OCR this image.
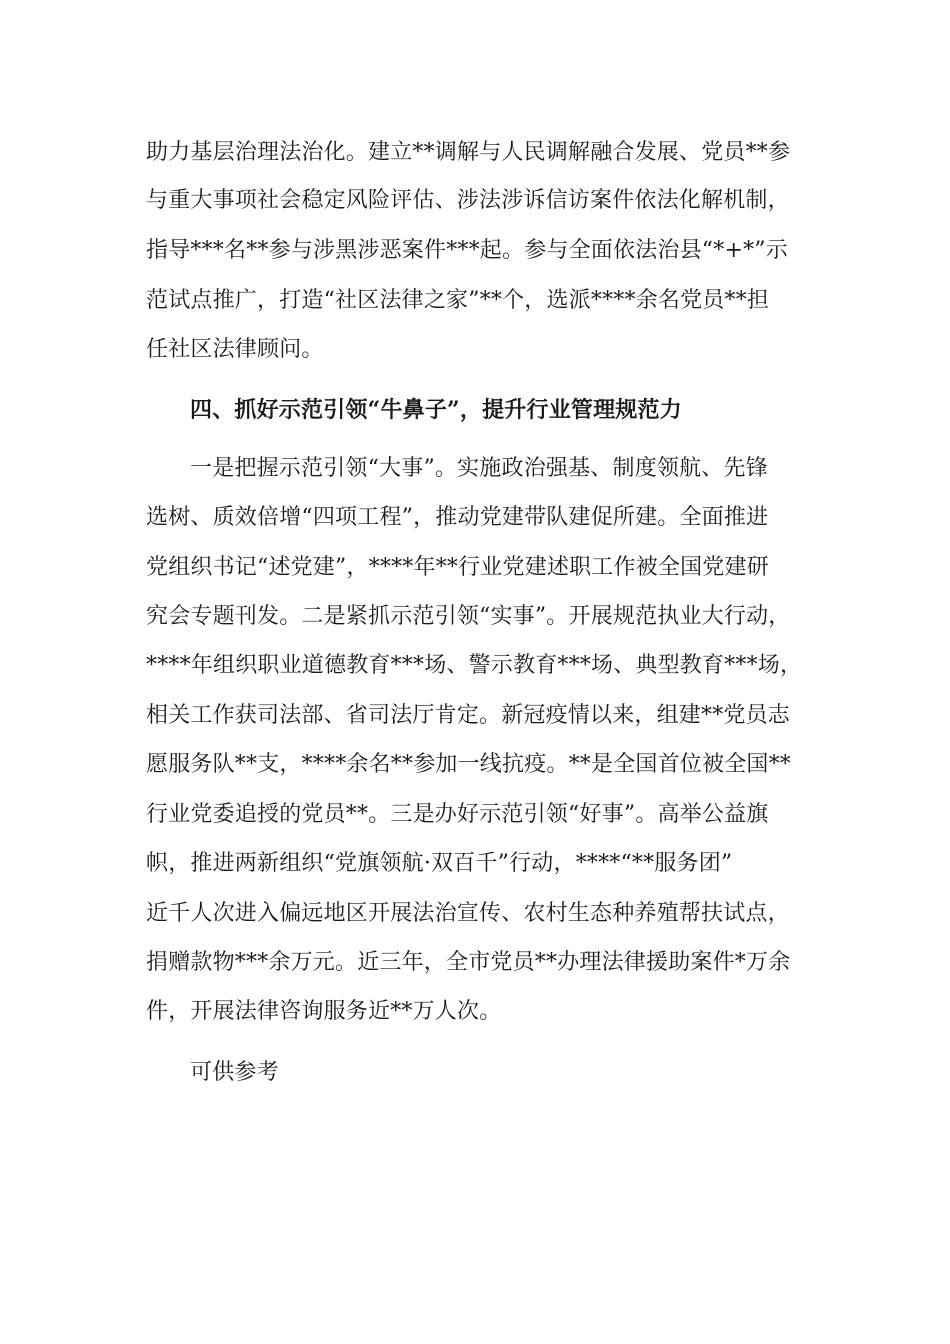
助力基层治理法治化。建立**调解与人民调解融合发展、党员**参
与重大事项社会稳定风险评估、涉法涉诉信访案件依法化解机制，
指导***名**参与涉黑涉恶案件***起。参与全面依法治县“*+*”示
范试点推广，打造“社区法律之家”**个，选派****余名党员**担
任社区法律顾问。
四、抓好示范引领“牛鼻子”，提升行业管理规范力
一是把握示范引领“大事”。实施政治强基、制度领航、先锋
选树、质效倍增“四项工程”，推动党建带队建促所建。全面推进
党组织书记“述党建”，****年**行业党建述职工作被全国党建研
究会专题刊发。二是紧抓示范引领“实事”。开展规范执业大行动，
****年组织职业道德教育***场、警示教育***场、典型教育***场，
相关工作获司法部、省司法厅肯定。新冠疫情以来，组建**党员志
愿服务队**支，****余名**参加一线抗疫。**是全国首位被全国**
行业党委追授的党员**。三是办好示范引领“好事”。高举公益旗
帜，推进两新组织“党旗领航·双百千”行动，****“**服务团”
近千人次进入偏远地区开展法治宣传、农村生态种养殖帮扶试点，
捐赠款物***余万元。近三年，全市党员**办理法律援助案件*万余
件，开展法律咨询服务近**万人次。
可供参考
